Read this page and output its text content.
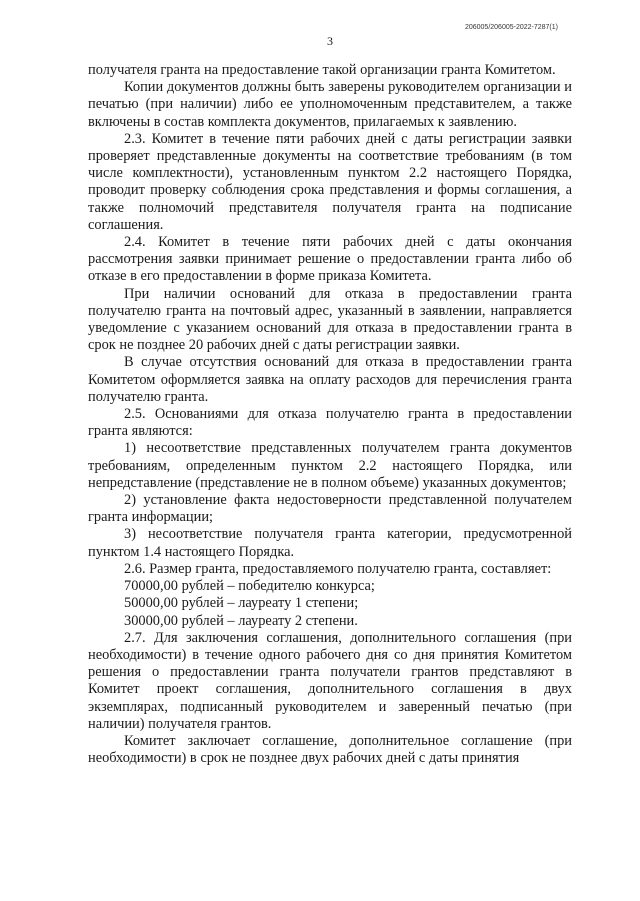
206005/206005-2022-7287(1)
3

получателя гранта на предоставление такой организации гранта Комитетом.

Копии документов должны быть заверены руководителем организации и печатью (при наличии) либо ее уполномоченным представителем, а также включены в состав комплекта документов, прилагаемых к заявлению.

2.3. Комитет в течение пяти рабочих дней с даты регистрации заявки проверяет представленные документы на соответствие требованиям (в том числе комплектности), установленным пунктом 2.2 настоящего Порядка, проводит проверку соблюдения срока представления и формы соглашения, а также полномочий представителя получателя гранта на подписание соглашения.

2.4. Комитет в течение пяти рабочих дней с даты окончания рассмотрения заявки принимает решение о предоставлении гранта либо об отказе в его предоставлении в форме приказа Комитета.

При наличии оснований для отказа в предоставлении гранта получателю гранта на почтовый адрес, указанный в заявлении, направляется уведомление с указанием оснований для отказа в предоставлении гранта в срок не позднее 20 рабочих дней с даты регистрации заявки.

В случае отсутствия оснований для отказа в предоставлении гранта Комитетом оформляется заявка на оплату расходов для перечисления гранта получателю гранта.

2.5. Основаниями для отказа получателю гранта в предоставлении гранта являются:

1) несоответствие представленных получателем гранта документов требованиям, определенным пунктом 2.2 настоящего Порядка, или непредставление (представление не в полном объеме) указанных документов;

2) установление факта недостоверности представленной получателем гранта информации;

3) несоответствие получателя гранта категории, предусмотренной пунктом 1.4 настоящего Порядка.

2.6. Размер гранта, предоставляемого получателю гранта, составляет:

70000,00 рублей – победителю конкурса;

50000,00 рублей – лауреату 1 степени;

30000,00 рублей – лауреату 2 степени.

2.7. Для заключения соглашения, дополнительного соглашения (при необходимости) в течение одного рабочего дня со дня принятия Комитетом решения о предоставлении гранта получатели грантов представляют в Комитет проект соглашения, дополнительного соглашения в двух экземплярах, подписанный руководителем и заверенный печатью (при наличии) получателя грантов.

Комитет заключает соглашение, дополнительное соглашение (при необходимости) в срок не позднее двух рабочих дней с даты принятия
